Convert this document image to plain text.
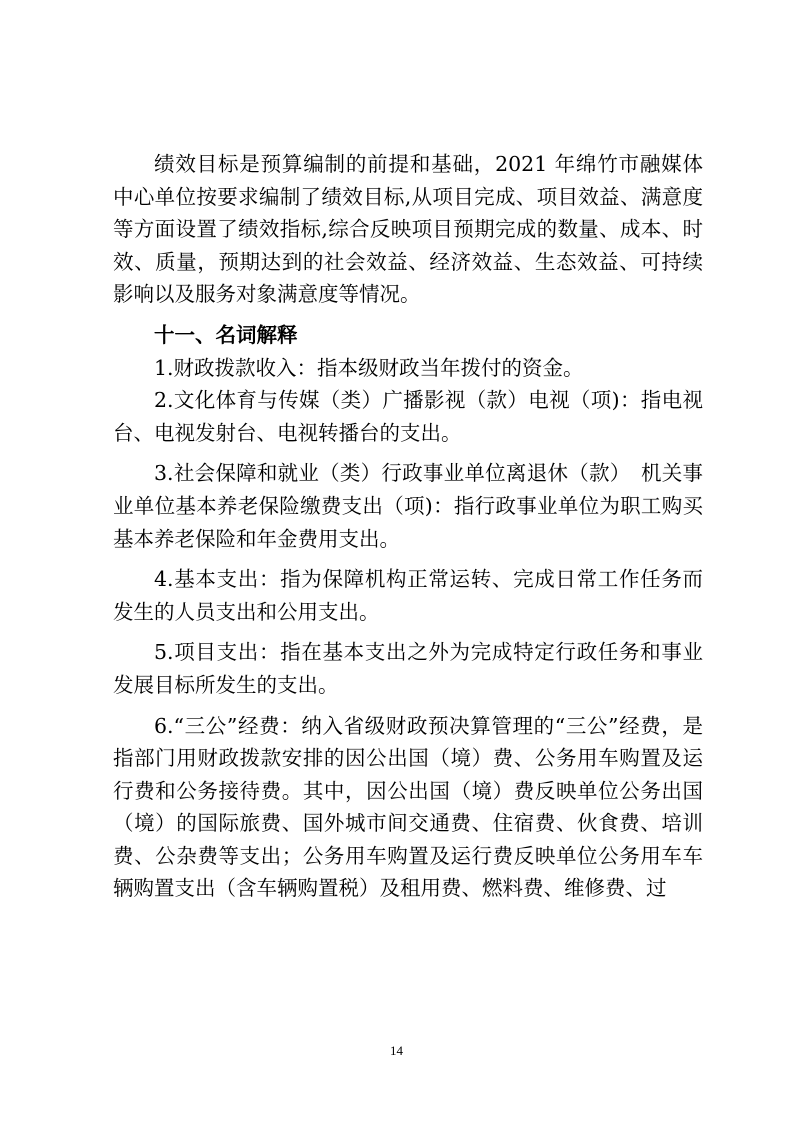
绩效目标是预算编制的前提和基础，2021 年绵竹市融媒体中心单位按要求编制了绩效目标,从项目完成、项目效益、满意度等方面设置了绩效指标,综合反映项目预期完成的数量、成本、时效、质量，预期达到的社会效益、经济效益、生态效益、可持续影响以及服务对象满意度等情况。

十一、名词解释

1.财政拨款收入：指本级财政当年拨付的资金。

2.文化体育与传媒（类）广播影视（款）电视（项)：指电视台、电视发射台、电视转播台的支出。

3.社会保障和就业（类）行政事业单位离退休（款）　机关事业单位基本养老保险缴费支出（项)：指行政事业单位为职工购买基本养老保险和年金费用支出。

4.基本支出：指为保障机构正常运转、完成日常工作任务而发生的人员支出和公用支出。

5.项目支出：指在基本支出之外为完成特定行政任务和事业发展目标所发生的支出。

6.“三公”经费：纳入省级财政预决算管理的“三公”经费，是指部门用财政拨款安排的因公出国（境）费、公务用车购置及运行费和公务接待费。其中，因公出国（境）费反映单位公务出国（境）的国际旅费、国外城市间交通费、住宿费、伙食费、培训费、公杂费等支出；公务用车购置及运行费反映单位公务用车车辆购置支出（含车辆购置税）及租用费、燃料费、维修费、过

14
